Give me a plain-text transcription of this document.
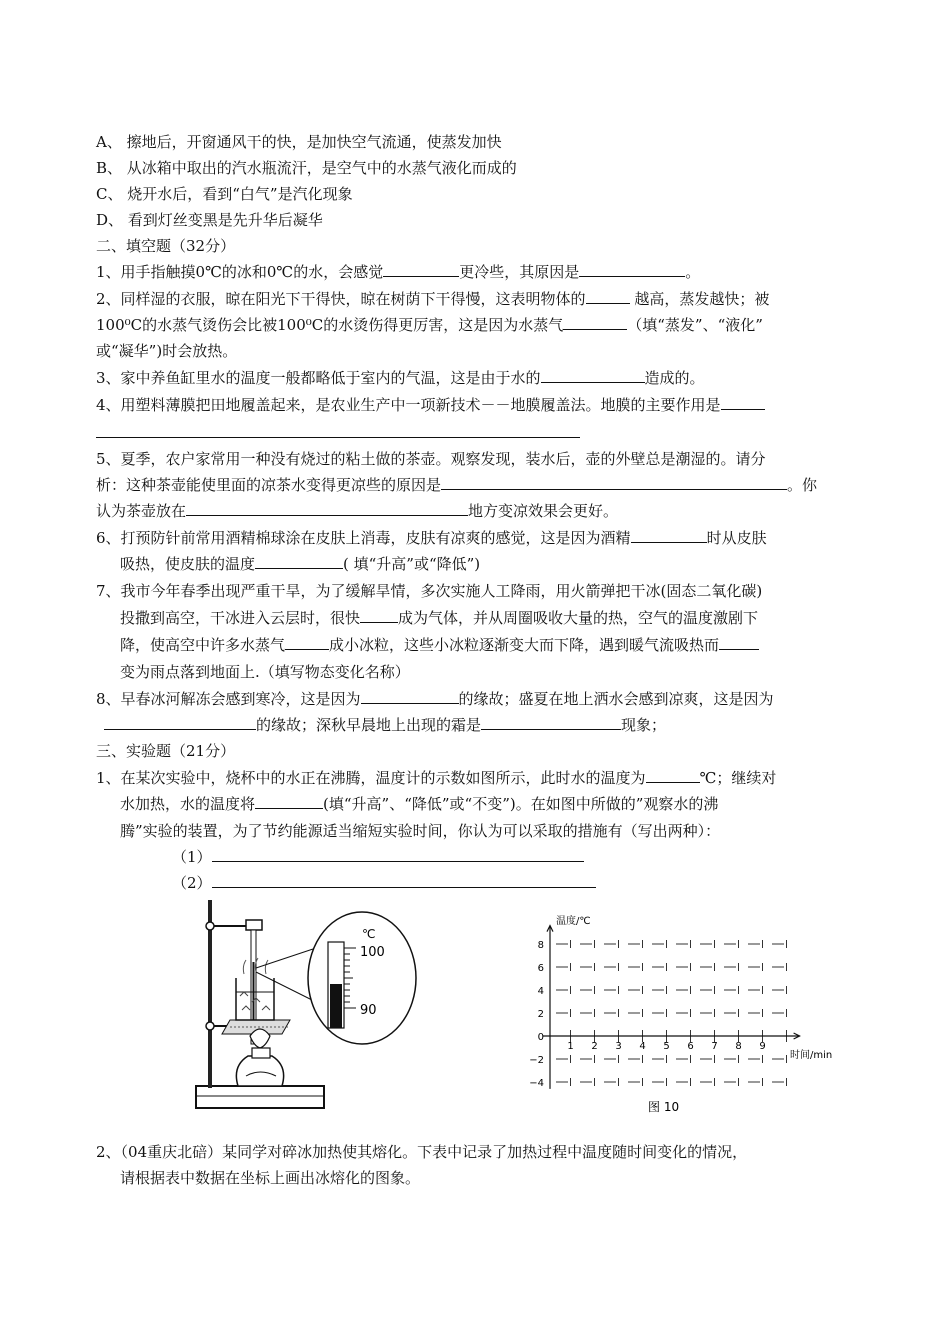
A、 擦地后，开窗通风干的快，是加快空气流通，使蒸发加快
B、 从冰箱中取出的汽水瓶流汗，是空气中的水蒸气液化而成的
C、 烧开水后，看到“白气”是汽化现象
D、 看到灯丝变黑是先升华后凝华
二、填空题（32分）
1、用手指触摸0℃的冰和0℃的水，会感觉	更冷些，其原因是	。
2、同样湿的衣服，晾在阳光下干得快，晾在树荫下干得慢，这表明物体的	越高，蒸发越快；被
100⁰C的水蒸气烫伤会比被100⁰C的水烫伤得更厉害，这是因为水蒸气	（填“蒸发”、“液化”
或“凝华”)时会放热。
3、家中养鱼缸里水的温度一般都略低于室内的气温，这是由于水的	造成的。
4、用塑料薄膜把田地履盖起来，是农业生产中一项新技术－－地膜履盖法。地膜的主要作用是
5、夏季，农户家常用一种没有烧过的粘土做的茶壶。观察发现，装水后，壶的外壁总是潮湿的。请分
析：这种茶壶能使里面的凉茶水变得更凉些的原因是	。你
认为茶壶放在	地方变凉效果会更好。
6、打预防针前常用酒精棉球涂在皮肤上消毒，皮肤有凉爽的感觉，这是因为酒精	时从皮肤
吸热，使皮肤的温度	( 填“升高”或“降低”)
7、我市今年春季出现严重干旱，为了缓解旱情，多次实施人工降雨，用火箭弹把干冰(固态二氧化碳)
投撒到高空，干冰进入云层时，很快	成为气体，并从周圈吸收大量的热，空气的温度激剧下
降，使高空中许多水蒸气	成小冰粒，这些小冰粒逐渐变大而下降，遇到暖气流吸热而
变为雨点落到地面上.（填写物态变化名称）
8、早春冰河解冻会感到寒冷，这是因为	的缘故；盛夏在地上洒水会感到凉爽，这是因为
的缘故；深秋早晨地上出现的霜是	现象；
三、实验题（21分）
1、在某次实验中，烧杯中的水正在沸腾，温度计的示数如图所示，此时水的温度为	℃；继续对
水加热，水的温度将	(填“升高”、“降低”或“不变”)。在如图中所做的”观察水的沸
腾”实验的装置，为了节约能源适当缩短实验时间，你认为可以采取的措施有（写出两种）：
（1）
（2）
100
90
℃
8
6
4
2
0
−2
−4
1 2 3 4 5 6 7 8 9
温度/℃
时间/min
图 10
2、（04重庆北碚）某同学对碎冰加热使其熔化。下表中记录了加热过程中温度随时间变化的情况，
请根据表中数据在坐标上画出冰熔化的图象。
